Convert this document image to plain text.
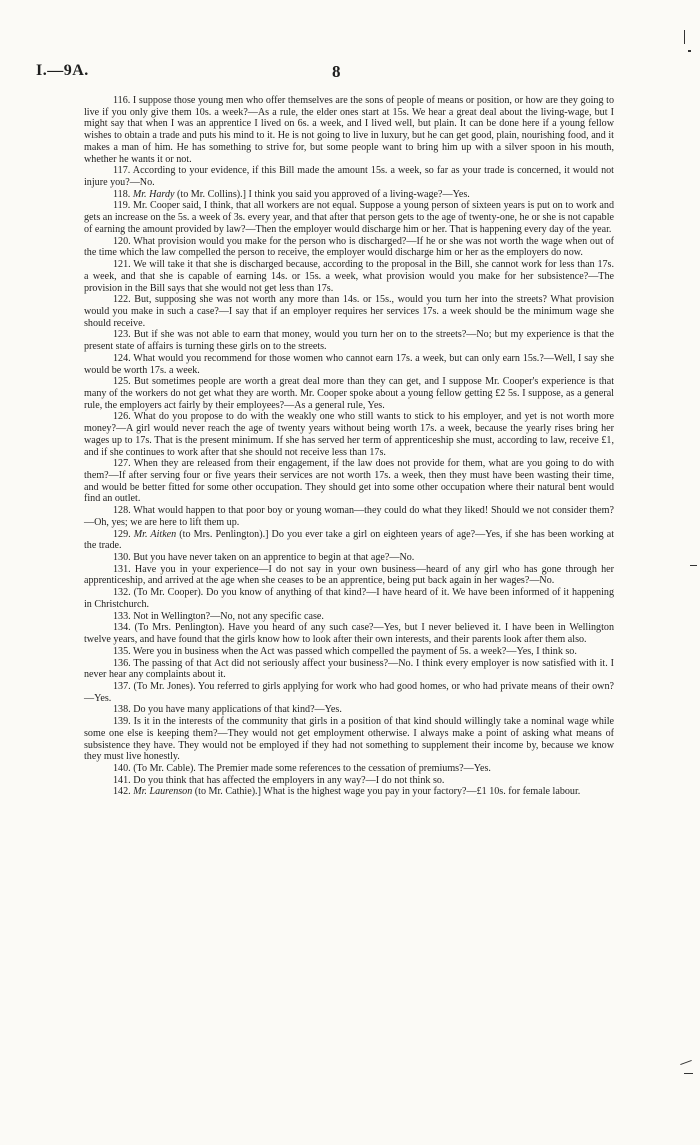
I.—9A.	8

116. I suppose those young men who offer themselves are the sons of people of means or position, or how are they going to live if you only give them 10s. a week?—As a rule, the elder ones start at 15s. We hear a great deal about the living-wage, but I might say that when I was an apprentice I lived on 6s. a week, and I lived well, but plain. It can be done here if a young fellow wishes to obtain a trade and puts his mind to it. He is not going to live in luxury, but he can get good, plain, nourishing food, and it makes a man of him. He has something to strive for, but some people want to bring him up with a silver spoon in his mouth, whether he wants it or not.

117. According to your evidence, if this Bill made the amount 15s. a week, so far as your trade is concerned, it would not injure you?—No.

118. Mr. Hardy (to Mr. Collins).] I think you said you approved of a living-wage?—Yes.

119. Mr. Cooper said, I think, that all workers are not equal. Suppose a young person of sixteen years is put on to work and gets an increase on the 5s. a week of 3s. every year, and that after that person gets to the age of twenty-one, he or she is not capable of earning the amount provided by law?—Then the employer would discharge him or her. That is happening every day of the year.

120. What provision would you make for the person who is discharged?—If he or she was not worth the wage when out of the time which the law compelled the person to receive, the employer would discharge him or her as the employers do now.

121. We will take it that she is discharged because, according to the proposal in the Bill, she cannot work for less than 17s. a week, and that she is capable of earning 14s. or 15s. a week, what provision would you make for her subsistence?—The provision in the Bill says that she would not get less than 17s.

122. But, supposing she was not worth any more than 14s. or 15s., would you turn her into the streets? What provision would you make in such a case?—I say that if an employer requires her services 17s. a week should be the minimum wage she should receive.

123. But if she was not able to earn that money, would you turn her on to the streets?—No; but my experience is that the present state of affairs is turning these girls on to the streets.

124. What would you recommend for those women who cannot earn 17s. a week, but can only earn 15s.?—Well, I say she would be worth 17s. a week.

125. But sometimes people are worth a great deal more than they can get, and I suppose Mr. Cooper's experience is that many of the workers do not get what they are worth. Mr. Cooper spoke about a young fellow getting £2 5s. I suppose, as a general rule, the employers act fairly by their employees?—As a general rule, Yes.

126. What do you propose to do with the weakly one who still wants to stick to his employer, and yet is not worth more money?—A girl would never reach the age of twenty years without being worth 17s. a week, because the yearly rises bring her wages up to 17s. That is the present minimum. If she has served her term of apprenticeship she must, according to law, receive £1, and if she continues to work after that she should not receive less than 17s.

127. When they are released from their engagement, if the law does not provide for them, what are you going to do with them?—If after serving four or five years their services are not worth 17s. a week, then they must have been wasting their time, and would be better fitted for some other occupation. They should get into some other occupation where their natural bent would find an outlet.

128. What would happen to that poor boy or young woman—they could do what they liked! Should we not consider them?—Oh, yes; we are here to lift them up.

129. Mr. Aitken (to Mrs. Penlington).] Do you ever take a girl on eighteen years of age?—Yes, if she has been working at the trade.

130. But you have never taken on an apprentice to begin at that age?—No.

131. Have you in your experience—I do not say in your own business—heard of any girl who has gone through her apprenticeship, and arrived at the age when she ceases to be an apprentice, being put back again in her wages?—No.

132. (To Mr. Cooper). Do you know of anything of that kind?—I have heard of it. We have been informed of it happening in Christchurch.

133. Not in Wellington?—No, not any specific case.

134. (To Mrs. Penlington). Have you heard of any such case?—Yes, but I never believed it. I have been in Wellington twelve years, and have found that the girls know how to look after their own interests, and their parents look after them also.

135. Were you in business when the Act was passed which compelled the payment of 5s. a week?—Yes, I think so.

136. The passing of that Act did not seriously affect your business?—No. I think every employer is now satisfied with it. I never hear any complaints about it.

137. (To Mr. Jones). You referred to girls applying for work who had good homes, or who had private means of their own?—Yes.

138. Do you have many applications of that kind?—Yes.

139. Is it in the interests of the community that girls in a position of that kind should willingly take a nominal wage while some one else is keeping them?—They would not get employment otherwise. I always make a point of asking what means of subsistence they have. They would not be employed if they had not something to supplement their income by, because we know they must live honestly.

140. (To Mr. Cable). The Premier made some references to the cessation of premiums?—Yes.

141. Do you think that has affected the employers in any way?—I do not think so.

142. Mr. Laurenson (to Mr. Cathie).] What is the highest wage you pay in your factory?—£1 10s. for female labour.
